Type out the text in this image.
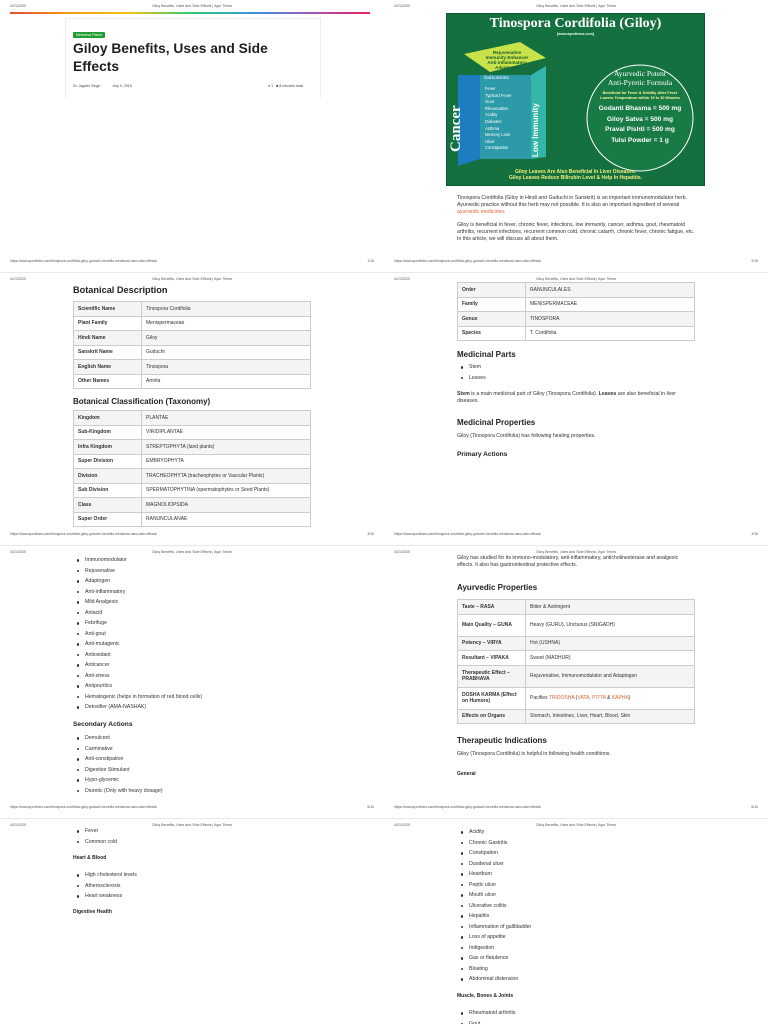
4/21/2020	Giloy Benefits, Uses and Side Effects | Ayur Times
Medicinal Plants
Giloy Benefits, Uses and Side Effects
Dr. Jagdev Singh	July 9, 2015	● 1 ■ 8 minutes read
https://www.ayurtimes.com/tinospora-cordifolia-giloy-guduchi-benefits-medicinal-uses-side-effects/	1/16
4/21/2020	Giloy Benefits, Uses and Side Effects | Ayur Times

Tinospora Cordifolia (Giloy in Hindi and Guduchi in Sanskrit) is an important immunomodulator herb. Ayurvedic practice without this herb may not possible. It is also an important ingredient of several ayurvedic medicines.

Giloy is beneficial in fever, chronic fever, infections, low immunity, cancer, asthma, gout, rheumatoid arthritis, recurrent infections, recurrent common cold, chronic catarrh, chronic fever, chronic fatigue, etc. In this article, we will discuss all about them.

https://www.ayurtimes.com/tinospora-cordifolia-giloy-guduchi-benefits-medicinal-uses-side-effects/	2/16
Tinospora Cordifolia (Giloy)
[www.ayurtimes.com]
Rejuvenative
Immunity Enhancer
Anti-inflammatory
Adaptogen
Cancer	Low Immunity
Indications
Fever
Typhoid Fever
Gout
Rheumatism
Acidity
Diabetes
Asthma
Memory Loss
Ulcer
Constipation
Ayurvedic Potent
Anti-Pyretic Formula
Beneficial for Fever & Debility After Fever
Lowers Temperature within 15 to 30 Minutes
Godanti Bhasma = 500 mg
Giloy Satva = 500 mg
Praval Pishti = 500 mg
Tulsi Powder = 1 g
Giloy Leaves Are Also Beneficial In Liver Diseases.
Giloy Leaves Reduce Bilirubin Level & Help In Hepatitis.
4/21/2020	Giloy Benefits, Uses and Side Effects | Ayur Times
Botanical Description
Scientific Name	Tinospora Cordifolia
Plant Family	Menispermaceae
Hindi Name	Giloy
Sanskrit Name	Guduchi
English Name	Tinospora
Other Names	Amrita
Botanical Classification (Taxonomy)
Kingdom	PLANTAE
Sub-Kingdom	VIRIDIPLANTAE
Infra Kingdom	STREPTOPHYTA (land plants)
Super Division	EMBRYOPHYTA
Division	TRACHEOPHYTA (tracheophytes or Vascular Plants)
Sub Division	SPERMATOPHYTINA (spermatophytes or Seed Plants)
Class	MAGNOLIOPSIDA
Super Order	RANUNCULANAE
https://www.ayurtimes.com/tinospora-cordifolia-giloy-guduchi-benefits-medicinal-uses-side-effects/	3/16
4/21/2020	Giloy Benefits, Uses and Side Effects | Ayur Times
Order	RANUNCULALES
Family	MENISPERMACEAE
Genus	TINOSPORA
Species	T. Cordifolia
Medicinal Parts
Stem
Leaves

Stem is a main medicinal part of Giloy (Tinospora Cordifolia). Leaves are also beneficial in liver diseases.

Medicinal Properties

Giloy (Tinospora Cordifolia) has following healing properties.

Primary Actions
https://www.ayurtimes.com/tinospora-cordifolia-giloy-guduchi-benefits-medicinal-uses-side-effects/	4/16
4/21/2020	Giloy Benefits, Uses and Side Effects | Ayur Times
Immunomodulator
Rejuvenative
Adaptogen
Anti-inflammatory
Mild Analgesic
Antacid
Febrifuge
Anti-gout
Anti-mutagenic
Antioxidant
Anticancer
Anti-stress
Antipruritics
Hematogenic (helps in formation of red blood cells)
Detoxifier (AMA-NASHAK)
Secondary Actions
Demulcent
Carminative
Anti-constipation
Digestive Stimulant
Hypo-glycemic
Diuretic (Only with heavy dosage)
https://www.ayurtimes.com/tinospora-cordifolia-giloy-guduchi-benefits-medicinal-uses-side-effects/	5/16
4/21/2020	Giloy Benefits, Uses and Side Effects | Ayur Times

Giloy has studied for its immuno-modulatory, anti-inflammatory, anticholinesterase and analgesic effects. It also has gastrointestinal protective effects.

Ayurvedic Properties
Taste – RASA	Bitter & Astringent
Main Quality – GUNA	Heavy (GURU), Unctuous (SNIGADH)
Potency – VIRYA	Hot (USHNA)
Resultant – VIPAKA	Sweet (MADHUR)
Therapeutic Effect – PRABHAVA	Rejuvenative, Immunomodulator and Adaptogen
DOSHA KARMA (Effect on Humors)	Pacifies TRIDOSHA (VATA, PITTA & KAPHA)
Effects on Organs	Stomach, Intestines, Liver, Heart, Blood, Skin
Therapeutic Indications

Giloy (Tinospora Cordifolia) is helpful in following health conditions.

General
https://www.ayurtimes.com/tinospora-cordifolia-giloy-guduchi-benefits-medicinal-uses-side-effects/	6/16
4/21/2020	Giloy Benefits, Uses and Side Effects | Ayur Times
Fever
Common cold
Heart & Blood
High cholesterol levels
Atherosclerosis
Heart weakness
Digestive Health
4/21/2020	Giloy Benefits, Uses and Side Effects | Ayur Times
Acidity
Chronic Gastritis
Constipation
Duodenal ulcer
Heartburn
Peptic ulcer
Mouth ulcer
Ulcerative colitis
Hepatitis
Inflammation of gallbladder
Loss of appetite
Indigestion
Gas or flatulence
Bloating
Abdominal distension
Muscle, Bones & Joints
Rheumatoid arthritis
Gout
